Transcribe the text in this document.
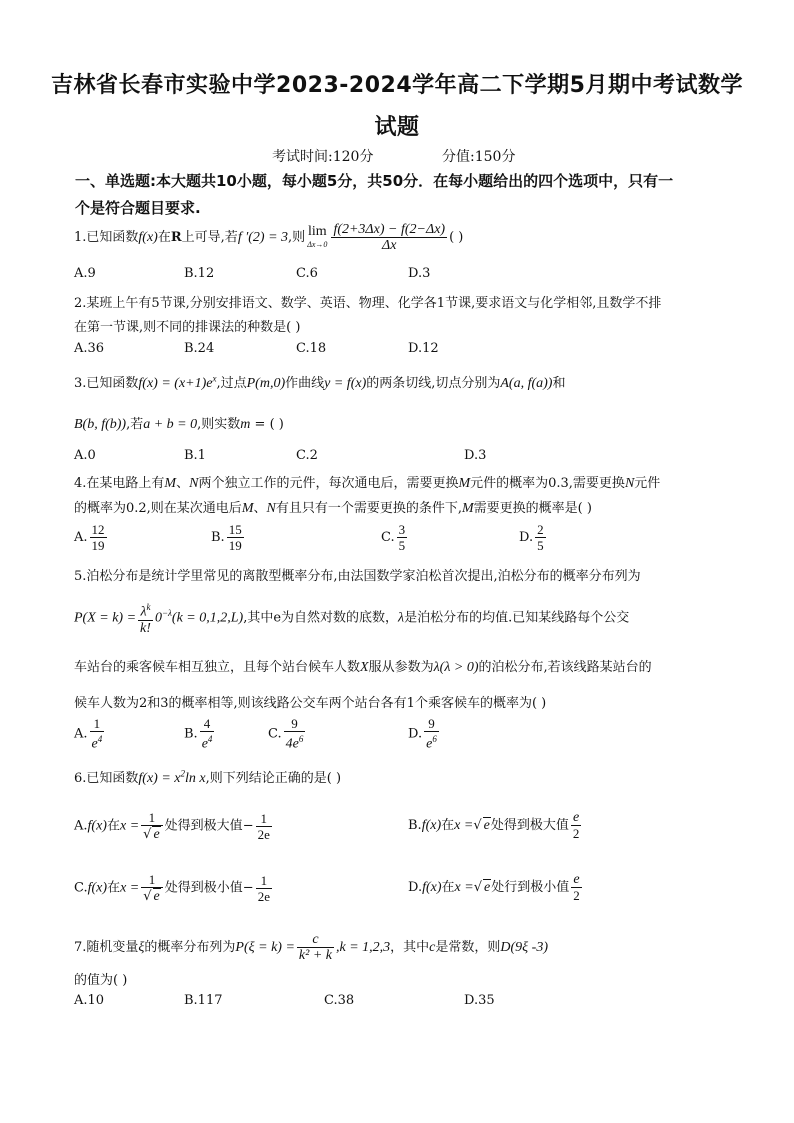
吉林省长春市实验中学2023-2024学年高二下学期5月期中考试数学
试题
考试时间:120分	分值:150分
一、单选题:本大题共10小题，每小题5分，共50分．在每小题给出的四个选项中，只有一
个是符合题目要求.
1.已知函数f(x)在R上可导,若f ′(2) = 3,则 lim
$\Delta x\to 0 \frac{f(2+3\Delta x) - f(2-\Delta x)}{\Delta x}$ ( )
A.9	B.12	C.6	D.3
2.某班上午有5节课,分别安排语文、数学、英语、物理、化学各1节课,要求语文与化学相邻,且数学不排
在第一节课,则不同的排课法的种数是( )
A.36	B.24	C.18	D.12
3.已知函数$f(x) = (x+1)e^x$,过点P(m,0)作曲线y = f(x)的两条切线,切点分别为A(a, f(a))和
B(b, f(b)),若a + b = 0,则实数m = ( )
A.0	B.1	C.2	D.3
4.在某电路上有M、N两个独立工作的元件，每次通电后，需要更换M元件的概率为0.3,需要更换N元件
的概率为0.2,则在某次通电后M、N有且只有一个需要更换的条件下,M需要更换的概率是( )
A. $\frac{12}{19}$	B. $\frac{15}{19}$	C. $\frac{3}{5}$	D. $\frac{2}{5}$
5.泊松分布是统计学里常见的离散型概率分布,由法国数学家泊松首次提出,泊松分布的概率分布列为
$P(X = k) = \frac{\lambda^k}{k!} 0^{-\lambda}(k = 0,1,2,L)$,其中e为自然对数的底数，λ是泊松分布的均值.已知某线路每个公交
车站台的乘客候车相互独立，且每个站台候车人数X服从参数为λ(λ > 0)的泊松分布,若该线路某站台的
候车人数为2和3的概率相等,则该线路公交车两个站台各有1个乘客候车的概率为( )
A. $\frac{1}{e^4}$	B. $\frac{4}{e^4}$	C. $\frac{9}{4e^6}$	D. $\frac{9}{e^6}$
6.已知函数$f(x) = x^2\ln$ x,则下列结论正确的是( )
A.f(x)在$x = \frac{1}{√ e}$ 处得到极大值− $\frac{1}{2e}$	B.f(x)在x =√ e处得到极大值 $\frac{e}{2}$
C.f(x)在$x = \frac{1}{√ e}$ 处得到极小值− $\frac{1}{2e}$	D.f(x)在x =√ e处行到极小值 $\frac{e}{2}$
7.随机变量ξ的概率分布列为$P(\xi = k) = \frac{c}{\text{k² + k}} ,k = 1,2,3$，其中c是常数，则D(9ξ -3)
的值为( )
A.10	B.117	C.38	D.35
